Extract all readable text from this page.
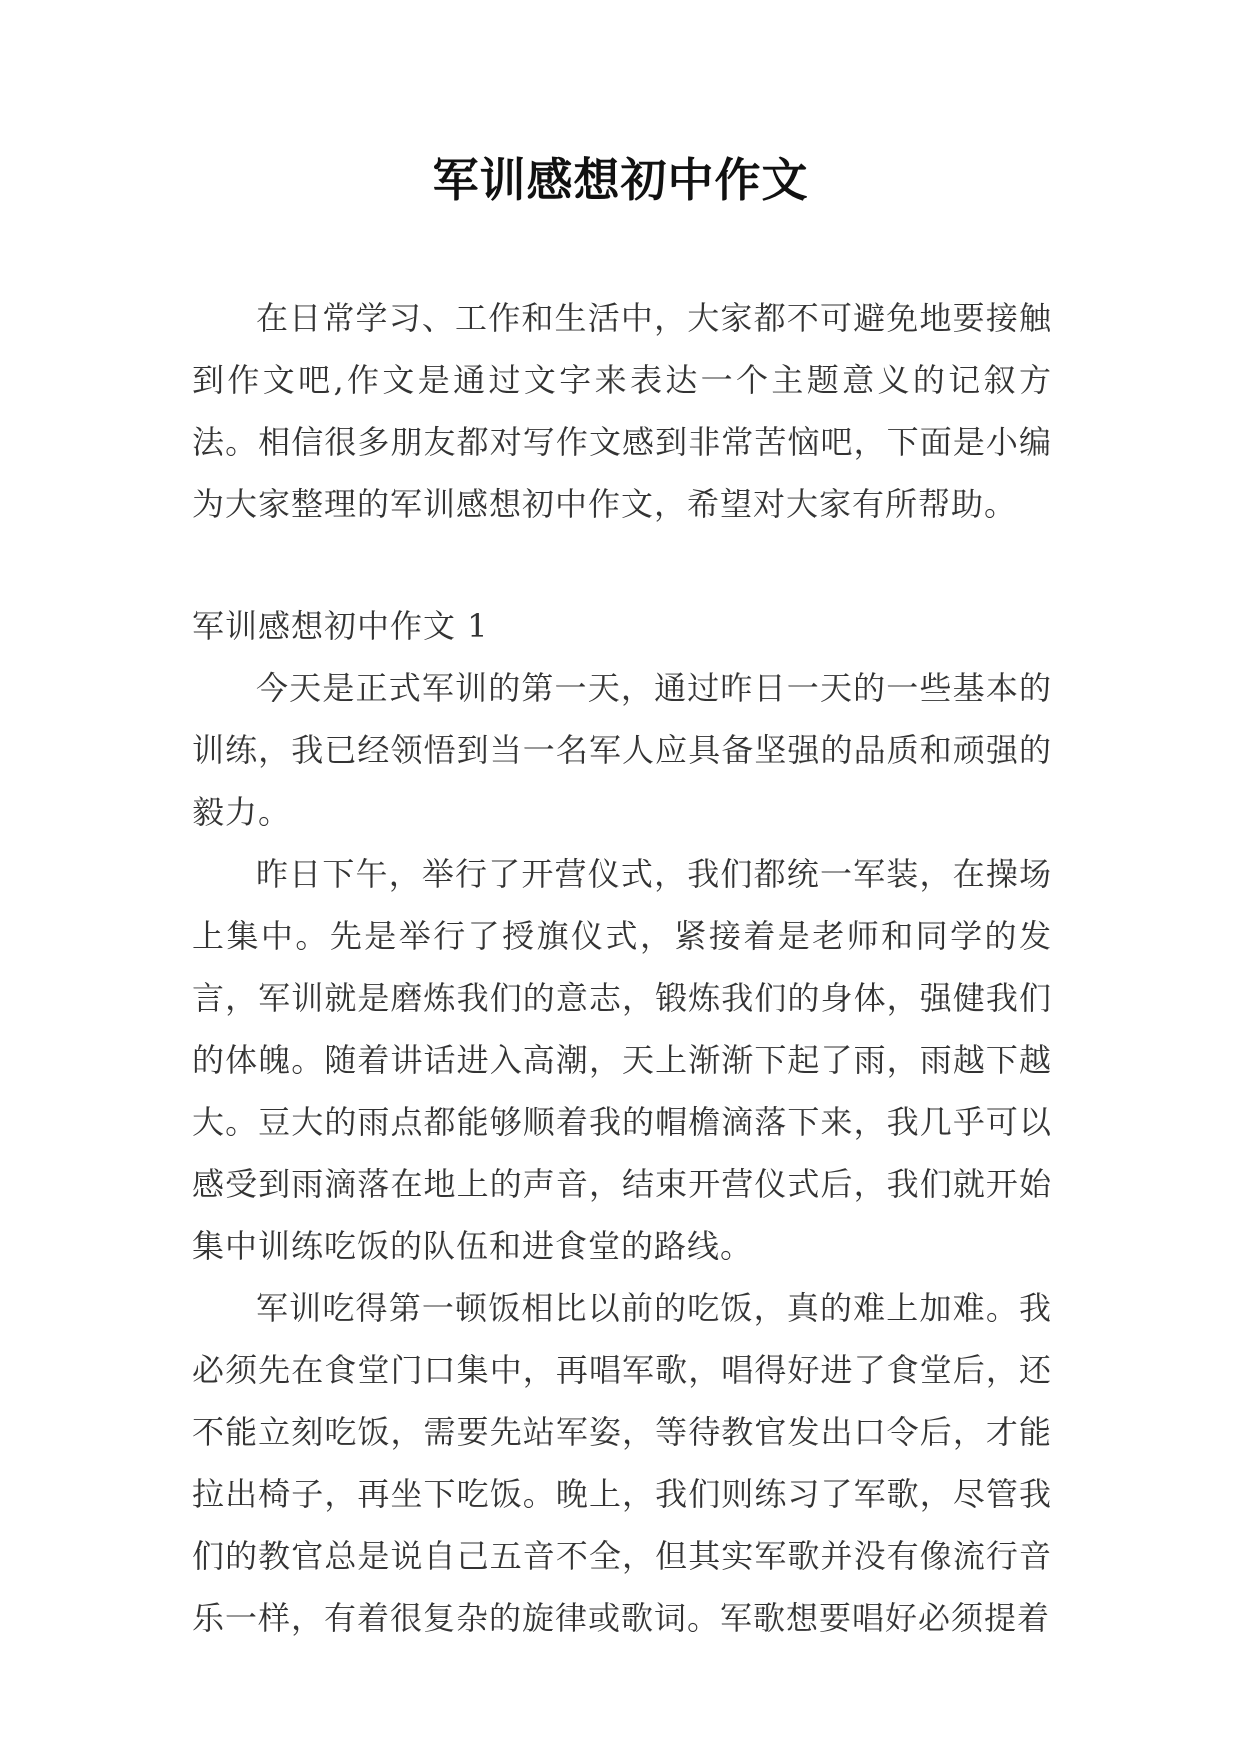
军训感想初中作文

在日常学习、工作和生活中，大家都不可避免地要接触到作文吧,作文是通过文字来表达一个主题意义的记叙方法。相信很多朋友都对写作文感到非常苦恼吧，下面是小编为大家整理的军训感想初中作文，希望对大家有所帮助。

军训感想初中作文 1

今天是正式军训的第一天，通过昨日一天的一些基本的训练，我已经领悟到当一名军人应具备坚强的品质和顽强的毅力。

昨日下午，举行了开营仪式，我们都统一军装，在操场上集中。先是举行了授旗仪式，紧接着是老师和同学的发言，军训就是磨炼我们的意志，锻炼我们的身体，强健我们的体魄。随着讲话进入高潮，天上渐渐下起了雨，雨越下越大。豆大的雨点都能够顺着我的帽檐滴落下来，我几乎可以感受到雨滴落在地上的声音，结束开营仪式后，我们就开始集中训练吃饭的队伍和进食堂的路线。

军训吃得第一顿饭相比以前的吃饭，真的难上加难。我必须先在食堂门口集中，再唱军歌，唱得好进了食堂后，还不能立刻吃饭，需要先站军姿，等待教官发出口令后，才能拉出椅子，再坐下吃饭。晚上，我们则练习了军歌，尽管我们的教官总是说自己五音不全，但其实军歌并没有像流行音乐一样，有着很复杂的旋律或歌词。军歌想要唱好必须提着
